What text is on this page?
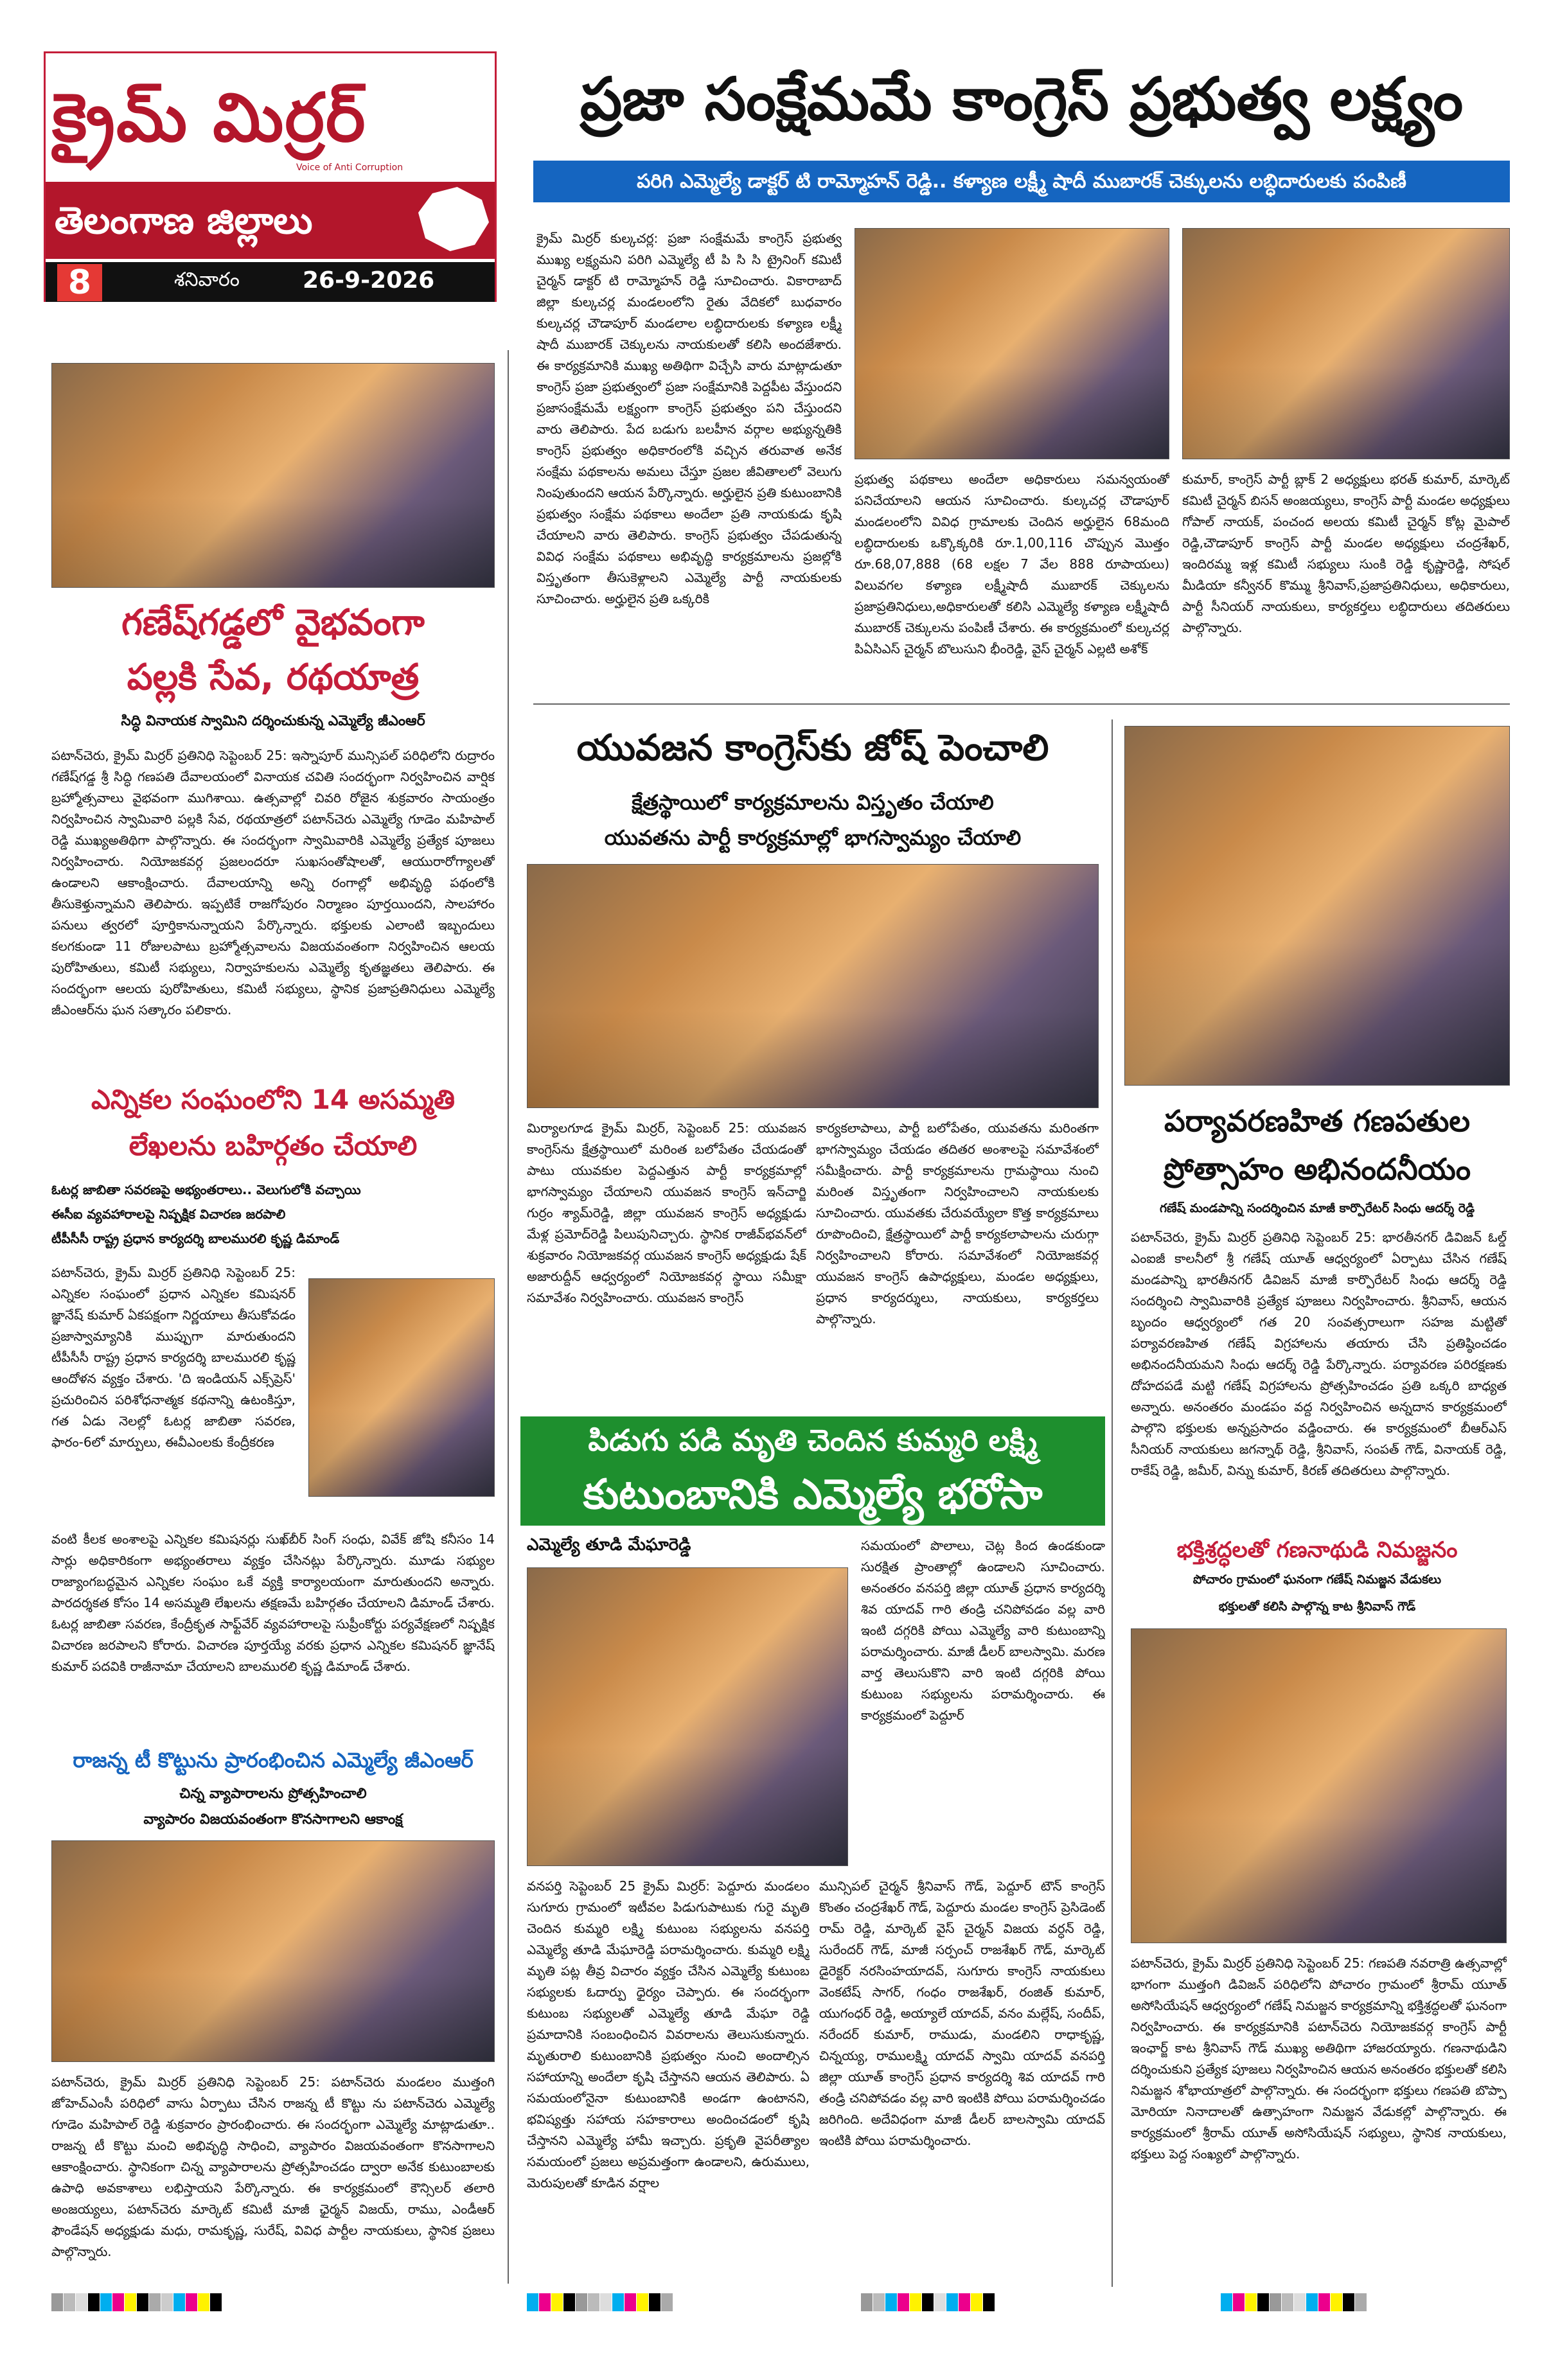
క్రైమ్ మిర్రర్
Voice of Anti Corruption
తెలంగాణ జిల్లాలు
8	శనివారం	26-9-2026
ప్రజా సంక్షేమమే కాంగ్రెస్ ప్రభుత్వ లక్ష్యం
పరిగి ఎమ్మెల్యే డాక్టర్ టి రామ్మోహన్ రెడ్డి.. కళ్యాణ లక్ష్మీ షాదీ ముబారక్ చెక్కులను లబ్ధిదారులకు పంపిణీ
క్రైమ్ మిర్రర్ కుల్కచర్ల: ప్రజా సంక్షేమమే కాంగ్రెస్ ప్రభుత్వ ముఖ్య లక్ష్యమని పరిగి ఎమ్మెల్యే టీ పి సి సి ట్రైనింగ్ కమిటీ చైర్మన్ డాక్టర్ టి రామ్మోహన్ రెడ్డి సూచించారు. వికారాబాద్ జిల్లా కుల్కచర్ల మండలంలోని రైతు వేదికలో బుధవారం కుల్కచర్ల చౌడాపూర్ మండలాల లబ్ధిదారులకు కళ్యాణ లక్ష్మీ షాదీ ముబారక్ చెక్కులను నాయకులతో కలిసి అందజేశారు. ఈ కార్యక్రమానికి ముఖ్య అతిథిగా విచ్చేసి వారు మాట్లాడుతూ కాంగ్రెస్ ప్రజా ప్రభుత్వంలో ప్రజా సంక్షేమానికి పెద్దపీట వేస్తుందని ప్రజాసంక్షేమమే లక్ష్యంగా కాంగ్రెస్ ప్రభుత్వం పని చేస్తుందని వారు తెలిపారు. పేద బడుగు బలహీన వర్గాల అభ్యున్నతికి కాంగ్రెస్ ప్రభుత్వం అధికారంలోకి వచ్చిన తరువాత అనేక సంక్షేమ పథకాలను అమలు చేస్తూ ప్రజల జీవితాలలో వెలుగు నింపుతుందని ఆయన పేర్కొన్నారు. అర్హులైన ప్రతి కుటుంబానికి ప్రభుత్వం సంక్షేమ పథకాలు అందేలా ప్రతి నాయకుడు కృషి చేయాలని వారు తెలిపారు. కాంగ్రెస్ ప్రభుత్వం చేపడుతున్న వివిధ సంక్షేమ పథకాలు అభివృద్ధి కార్యక్రమాలను ప్రజల్లోకి విస్తృతంగా తీసుకెళ్లాలని ఎమ్మెల్యే పార్టీ నాయకులకు సూచించారు. అర్హులైన ప్రతి ఒక్కరికి
ప్రభుత్వ పథకాలు అందేలా అధికారులు సమన్వయంతో పనిచేయాలని ఆయన సూచించారు. కుల్కచర్ల చౌడాపూర్ మండలంలోని వివిధ గ్రామాలకు చెందిన అర్హులైన 68మంది లబ్ధిదారులకు ఒక్కొక్కరికి రూ.1,00,116 చొప్పున మొత్తం రూ.68,07,888 (68 లక్షల 7 వేల 888 రూపాయలు) విలువగల కళ్యాణ లక్ష్మీషాదీ ముబారక్ చెక్కులను ప్రజాప్రతినిధులు,అధికారులతో కలిసి ఎమ్మెల్యే కళ్యాణ లక్ష్మీషాదీ ముబారక్ చెక్కులను పంపిణీ చేశారు. ఈ కార్యక్రమంలో కుల్కచర్ల పిఏసిఎస్ చైర్మన్ బొలుసుని భీంరెడ్డి, వైస్ చైర్మన్ ఎల్లటి అశోక్
కుమార్, కాంగ్రెస్ పార్టీ బ్లాక్ 2 అధ్యక్షులు భరత్ కుమార్, మార్కెట్ కమిటీ చైర్మన్ బిసన్ అంజయ్యలు, కాంగ్రెస్ పార్టీ మండల అధ్యక్షులు గోపాల్ నాయక్, పంచంద అలయ కమిటీ చైర్మన్ కోట్ల మైపాల్ రెడ్డి,చౌడాపూర్ కాంగ్రెస్ పార్టీ మండల అధ్యక్షులు చంద్రశేఖర్, ఇందిరమ్మ ఇళ్ల కమిటీ సభ్యులు సుంకి రెడ్డి కృష్ణారెడ్డి, సోషల్ మీడియా కన్వీనర్ కొమ్ము శ్రీనివాస్,ప్రజాప్రతినిధులు, అధికారులు, పార్టీ సీనియర్ నాయకులు, కార్యకర్తలు లబ్ధిదారులు తదితరులు పాల్గొన్నారు.
గణేష్‌గడ్డలో వైభవంగా
పల్లకి సేవ, రథయాత్ర
సిద్ధి వినాయక స్వామిని దర్శించుకున్న ఎమ్మెల్యే జీఎంఆర్
పటాన్‌చెరు, క్రైమ్ మిర్రర్ ప్రతినిధి సెప్టెంబర్ 25: ఇస్నాపూర్ మున్సిపల్ పరిధిలోని రుద్రారం గణేష్‌గడ్డ శ్రీ సిద్ధి గణపతి దేవాలయంలో వినాయక చవితి సందర్భంగా నిర్వహించిన వార్షిక బ్రహ్మోత్సవాలు వైభవంగా ముగిశాయి. ఉత్సవాల్లో చివరి రోజైన శుక్రవారం సాయంత్రం నిర్వహించిన స్వామివారి పల్లకి సేవ, రథయాత్రలో పటాన్‌చెరు ఎమ్మెల్యే గూడెం మహిపాల్ రెడ్డి ముఖ్యఅతిథిగా పాల్గొన్నారు. ఈ సందర్భంగా స్వామివారికి ఎమ్మెల్యే ప్రత్యేక పూజలు నిర్వహించారు. నియోజకవర్గ ప్రజలందరూ సుఖసంతోషాలతో, ఆయురారోగ్యాలతో ఉండాలని ఆకాంక్షించారు. దేవాలయాన్ని అన్ని రంగాల్లో అభివృద్ధి పథంలోకి తీసుకెళ్తున్నామని తెలిపారు. ఇప్పటికే రాజగోపురం నిర్మాణం పూర్తయిందని, సాలహారం పనులు త్వరలో పూర్తికానున్నాయని పేర్కొన్నారు. భక్తులకు ఎలాంటి ఇబ్బందులు కలగకుండా 11 రోజులపాటు బ్రహ్మోత్సవాలను విజయవంతంగా నిర్వహించిన ఆలయ పురోహితులు, కమిటీ సభ్యులు, నిర్వాహకులను ఎమ్మెల్యే కృతజ్ఞతలు తెలిపారు. ఈ సందర్భంగా ఆలయ పురోహితులు, కమిటీ సభ్యులు, స్థానిక ప్రజాప్రతినిధులు ఎమ్మెల్యే జీఎంఆర్‌ను ఘన సత్కారం పలికారు.
ఎన్నికల సంఘంలోని 14 అసమ్మతి
లేఖలను బహిర్గతం చేయాలి
ఓటర్ల జాబితా సవరణపై అభ్యంతరాలు.. వెలుగులోకి వచ్చాయి
ఈసీఐ వ్యవహారాలపై నిష్పక్షిక విచారణ జరపాలి
టీపీసీసీ రాష్ట్ర ప్రధాన కార్యదర్శి బాలమురలి కృష్ణ డిమాండ్
పటాన్‌చెరు, క్రైమ్ మిర్రర్ ప్రతినిధి సెప్టెంబర్ 25: ఎన్నికల సంఘంలో ప్రధాన ఎన్నికల కమిషనర్ జ్ఞానేష్ కుమార్ ఏకపక్షంగా నిర్ణయాలు తీసుకోవడం ప్రజాస్వామ్యానికి ముప్పుగా మారుతుందని టీపీసీసీ రాష్ట్ర ప్రధాన కార్యదర్శి బాలమురలి కృష్ణ ఆందోళన వ్యక్తం చేశారు. 'ది ఇండియన్ ఎక్స్‌ప్రెస్' ప్రచురించిన పరిశోధనాత్మక కథనాన్ని ఉటంకిస్తూ, గత ఏడు నెలల్లో ఓటర్ల జాబితా సవరణ, ఫారం-6లో మార్పులు, ఈవీఎంలకు కేంద్రీకరణ
వంటి కీలక అంశాలపై ఎన్నికల కమిషనర్లు సుఖ్‌బీర్ సింగ్ సంధు, వివేక్ జోషి కనీసం 14 సార్లు అధికారికంగా అభ్యంతరాలు వ్యక్తం చేసినట్లు పేర్కొన్నారు. మూడు సభ్యుల రాజ్యాంగబద్ధమైన ఎన్నికల సంఘం ఒకే వ్యక్తి కార్యాలయంగా మారుతుందని అన్నారు. పారదర్శకత కోసం 14 అసమ్మతి లేఖలను తక్షణమే బహిర్గతం చేయాలని డిమాండ్ చేశారు. ఓటర్ల జాబితా సవరణ, కేంద్రీకృత సాఫ్ట్‌వేర్ వ్యవహారాలపై సుప్రీంకోర్టు పర్యవేక్షణలో నిష్పక్షిక విచారణ జరపాలని కోరారు. విచారణ పూర్తయ్యే వరకు ప్రధాన ఎన్నికల కమిషనర్ జ్ఞానేష్ కుమార్ పదవికి రాజీనామా చేయాలని బాలమురలి కృష్ణ డిమాండ్ చేశారు.
రాజన్న టీ కొట్టును ప్రారంభించిన ఎమ్మెల్యే జీఎంఆర్
చిన్న వ్యాపారాలను ప్రోత్సహించాలి
వ్యాపారం విజయవంతంగా కొనసాగాలని ఆకాంక్ష
పటాన్‌చెరు, క్రైమ్ మిర్రర్ ప్రతినిధి సెప్టెంబర్ 25: పటాన్‌చెరు మండలం ముత్తంగి జోహెచ్ఎంసీ పరిధిలో వాసు ఏర్పాటు చేసిన రాజన్న టీ కొట్టు ను పటాన్‌చెరు ఎమ్మెల్యే గూడెం మహిపాల్ రెడ్డి శుక్రవారం ప్రారంభించారు. ఈ సందర్భంగా ఎమ్మెల్యే మాట్లాడుతూ.. రాజన్న టీ కొట్టు మంచి అభివృద్ధి సాధించి, వ్యాపారం విజయవంతంగా కొనసాగాలని ఆకాంక్షించారు. స్థానికంగా చిన్న వ్యాపారాలను ప్రోత్సహించడం ద్వారా అనేక కుటుంబాలకు ఉపాధి అవకాశాలు లభిస్తాయని పేర్కొన్నారు. ఈ కార్యక్రమంలో కౌన్సిలర్ తలారి అంజయ్యలు, పటాన్‌చెరు మార్కెట్ కమిటీ మాజీ ఛైర్మన్ విజయ్, రాము, ఎండీఆర్ ఫౌండేషన్ అధ్యక్షుడు మధు, రామకృష్ణ, సురేష్, వివిధ పార్టీల నాయకులు, స్థానిక ప్రజలు పాల్గొన్నారు.
యువజన కాంగ్రెస్‌కు జోష్ పెంచాలి
క్షేత్రస్థాయిలో కార్యక్రమాలను విస్తృతం చేయాలి
యువతను పార్టీ కార్యక్రమాల్లో భాగస్వామ్యం చేయాలి
మిర్యాలగూడ క్రైమ్ మిర్రర్, సెప్టెంబర్ 25: యువజన కాంగ్రెస్‌ను క్షేత్రస్థాయిలో మరింత బలోపేతం చేయడంతో పాటు యువకుల పెద్దఎత్తున పార్టీ కార్యక్రమాల్లో భాగస్వామ్యం చేయాలని యువజన కాంగ్రెస్ ఇన్‌చార్జి గుర్రం శ్యామ్‌రెడ్డి, జిల్లా యువజన కాంగ్రెస్ అధ్యక్షుడు మేళ్ల ప్రమోద్‌రెడ్డి పిలుపునిచ్చారు. స్థానిక రాజీవ్‌భవన్‌లో శుక్రవారం నియోజకవర్గ యువజన కాంగ్రెస్ అధ్యక్షుడు షేక్ అజారుద్దీన్ ఆధ్వర్యంలో నియోజకవర్గ స్థాయి సమీక్షా సమావేశం నిర్వహించారు. యువజన కాంగ్రెస్
కార్యకలాపాలు, పార్టీ బలోపేతం, యువతను మరింతగా భాగస్వామ్యం చేయడం తదితర అంశాలపై సమావేశంలో సమీక్షించారు. పార్టీ కార్యక్రమాలను గ్రామస్థాయి నుంచి మరింత విస్తృతంగా నిర్వహించాలని నాయకులకు సూచించారు. యువతకు చేరువయ్యేలా కొత్త కార్యక్రమాలు రూపొందించి, క్షేత్రస్థాయిలో పార్టీ కార్యకలాపాలను చురుగ్గా నిర్వహించాలని కోరారు. సమావేశంలో నియోజకవర్గ యువజన కాంగ్రెస్ ఉపాధ్యక్షులు, మండల అధ్యక్షులు, ప్రధాన కార్యదర్శులు, నాయకులు, కార్యకర్తలు పాల్గొన్నారు.
పర్యావరణహిత గణపతుల
ప్రోత్సాహం అభినందనీయం
గణేష్ మండపాన్ని సందర్శించిన మాజీ కార్పొరేటర్ సింధు ఆదర్శ్ రెడ్డి
పటాన్‌చెరు, క్రైమ్ మిర్రర్ ప్రతినిధి సెప్టెంబర్ 25: భారతీనగర్ డివిజన్ ఓల్డ్ ఎంఐజీ కాలనీలో శ్రీ గణేష్ యూత్ ఆధ్వర్యంలో ఏర్పాటు చేసిన గణేష్ మండపాన్ని భారతీనగర్ డివిజన్ మాజీ కార్పొరేటర్ సింధు ఆదర్శ్ రెడ్డి సందర్శించి స్వామివారికి ప్రత్యేక పూజలు నిర్వహించారు. శ్రీనివాస్, ఆయన బృందం ఆధ్వర్యంలో గత 20 సంవత్సరాలుగా సహజ మట్టితో పర్యావరణహిత గణేష్ విగ్రహాలను తయారు చేసి ప్రతిష్ఠించడం అభినందనీయమని సింధు ఆదర్శ్ రెడ్డి పేర్కొన్నారు. పర్యావరణ పరిరక్షణకు దోహదపడే మట్టి గణేష్ విగ్రహాలను ప్రోత్సహించడం ప్రతి ఒక్కరి బాధ్యత అన్నారు. అనంతరం మండపం వద్ద నిర్వహించిన అన్నదాన కార్యక్రమంలో పాల్గొని భక్తులకు అన్నప్రసాదం వడ్డించారు. ఈ కార్యక్రమంలో బీఆర్ఎస్ సీనియర్ నాయకులు జగన్నాథ్ రెడ్డి, శ్రీనివాస్, సంపత్ గౌడ్, వినాయక్ రెడ్డి, రాకేష్ రెడ్డి, జమీర్, విన్ను కుమార్, కిరణ్ తదితరులు పాల్గొన్నారు.
భక్తిశ్రద్ధలతో గణనాథుడి నిమజ్జనం
పోచారం గ్రామంలో ఘనంగా గణేష్ నిమజ్జన వేడుకలు
భక్తులతో కలిసి పాల్గొన్న కాట శ్రీనివాస్ గౌడ్
పటాన్‌చెరు, క్రైమ్ మిర్రర్ ప్రతినిధి సెప్టెంబర్ 25: గణపతి నవరాత్రి ఉత్సవాల్లో భాగంగా ముత్తంగి డివిజన్ పరిధిలోని పోచారం గ్రామంలో శ్రీరామ్ యూత్ అసోసియేషన్ ఆధ్వర్యంలో గణేష్ నిమజ్జన కార్యక్రమాన్ని భక్తిశ్రద్ధలతో ఘనంగా నిర్వహించారు. ఈ కార్యక్రమానికి పటాన్‌చెరు నియోజకవర్గ కాంగ్రెస్ పార్టీ ఇంఛార్జ్ కాట శ్రీనివాస్ గౌడ్ ముఖ్య అతిథిగా హాజరయ్యారు. గణనాథుడిని దర్శించుకుని ప్రత్యేక పూజలు నిర్వహించిన ఆయన అనంతరం భక్తులతో కలిసి నిమజ్జన శోభాయాత్రలో పాల్గొన్నారు. ఈ సందర్భంగా భక్తులు గణపతి బొప్పా మోరియా నినాదాలతో ఉత్సాహంగా నిమజ్జన వేడుకల్లో పాల్గొన్నారు. ఈ కార్యక్రమంలో శ్రీరామ్ యూత్ అసోసియేషన్ సభ్యులు, స్థానిక నాయకులు, భక్తులు పెద్ద సంఖ్యలో పాల్గొన్నారు.
పిడుగు పడి మృతి చెందిన కుమ్మరి లక్ష్మి
కుటుంబానికి ఎమ్మెల్యే భరోసా
ఎమ్మెల్యే తూడి మేఘారెడ్డి	సమయంలో పొలాలు, చెట్ల కింద ఉండకుండా సురక్షిత ప్రాంతాల్లో ఉండాలని సూచించారు. అనంతరం వనపర్తి జిల్లా యూత్ ప్రధాన కార్యదర్శి శివ యాదవ్ గారి తండ్రి చనిపోవడం వల్ల వారి ఇంటి దగ్గరికి పోయి ఎమ్మెల్యే వారి కుటుంబాన్ని పరామర్శించారు. మాజీ డీలర్ బాలస్వామి. మరణ వార్త తెలుసుకొని వారి ఇంటి దగ్గరికి పోయి కుటుంబ సభ్యులను పరామర్శించారు. ఈ కార్యక్రమంలో పెద్దూర్
వనపర్తి సెప్టెంబర్ 25 క్రైమ్ మిర్రర్: పెద్దూరు మండలం సుగూరు గ్రామంలో ఇటీవల పిడుగుపాటుకు గురై మృతి చెందిన కుమ్మరి లక్ష్మి కుటుంబ సభ్యులను వనపర్తి ఎమ్మెల్యే తూడి మేఘారెడ్డి పరామర్శించారు. కుమ్మరి లక్ష్మి మృతి పట్ల తీవ్ర విచారం వ్యక్తం చేసిన ఎమ్మెల్యే కుటుంబ సభ్యులకు ఓదార్పు ధైర్యం చెప్పారు. ఈ సందర్భంగా కుటుంబ సభ్యులతో ఎమ్మెల్యే తూడి మేఘా రెడ్డి ప్రమాదానికి సంబంధించిన వివరాలను తెలుసుకున్నారు. మృతురాలి కుటుంబానికి ప్రభుత్వం నుంచి అందాల్సిన సహాయాన్ని అందేలా కృషి చేస్తానని ఆయన తెలిపారు. ఏ సమయంలోనైనా కుటుంబానికి అండగా ఉంటానని, భవిష్యత్తు సహాయ సహకారాలు అందించడంలో కృషి చేస్తానని ఎమ్మెల్యే హామీ ఇచ్చారు. ప్రకృతి వైపరీత్యాల సమయంలో ప్రజలు అప్రమత్తంగా ఉండాలని, ఉరుములు, మెరుపులతో కూడిన వర్షాల
మున్సిపల్ చైర్మన్ శ్రీనివాస్ గౌడ్, పెద్దూర్ టౌన్ కాంగ్రెస్ కొంతం చంద్రశేఖర్ గౌడ్, పెద్దూరు మండల కాంగ్రెస్ ప్రెసిడెంట్ రామ్ రెడ్డి, మార్కెట్ వైస్ చైర్మన్ విజయ వర్ధన్ రెడ్డి, సురేందర్ గౌడ్, మాజీ సర్పంచ్ రాజశేఖర్ గౌడ్, మార్కెట్ డైరెక్టర్ నరసింహయాదవ్, సుగూరు కాంగ్రెస్ నాయకులు వెంకటేష్ సాగర్, గంధం రాజశేఖర్, రంజిత్ కుమార్, యుగంధర్ రెడ్డి, అయ్యాలే యాదవ్, వనం మల్లేష్, సందీప్, నరేందర్ కుమార్, రాముడు, మండలిని రాధాకృష్ణ, చిన్నయ్య, రాములక్ష్మి యాదవ్ స్వామి యాదవ్ వనపర్తి జిల్లా యూత్ కాంగ్రెస్ ప్రధాన కార్యదర్శి శివ యాదవ్ గారి తండ్రి చనిపోవడం వల్ల వారి ఇంటికి పోయి పరామర్శించడం జరిగింది. అదేవిధంగా మాజీ డీలర్ బాలస్వామి యాదవ్ ఇంటికి పోయి పరామర్శించారు.
